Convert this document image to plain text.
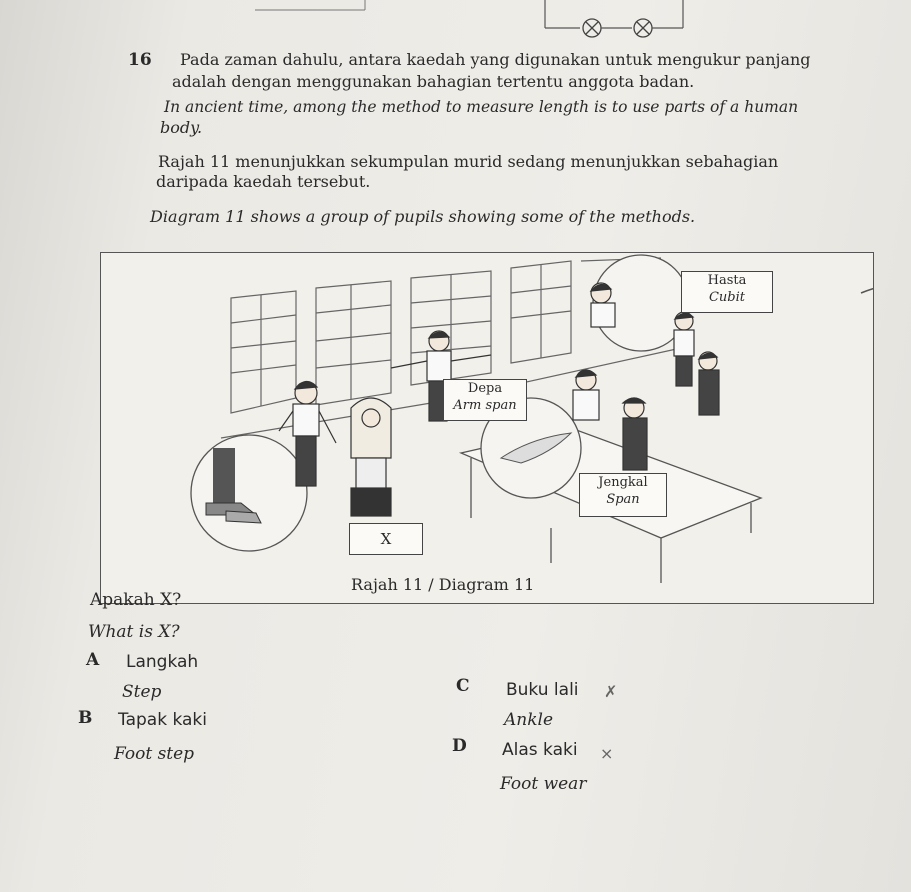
16 Pada zaman dahulu, antara kaedah yang digunakan untuk mengukur panjang
adalah dengan menggunakan bahagian tertentu anggota badan.
In ancient time, among the method to measure length is to use parts of a human
body.
Rajah 11 menunjukkan sekumpulan murid sedang menunjukkan sebahagian
daripada kaedah tersebut.
Diagram 11 shows a group of pupils showing some of the methods.
Hasta
Cubit
Depa
Arm span
Jengkal
Span
X
Rajah 11 / Diagram 11
Apakah X?
What is X?
A Langkah
Step
B Tapak kaki
Foot step
C Buku lali ✗
Ankle
D Alas kaki ×
Foot wear
